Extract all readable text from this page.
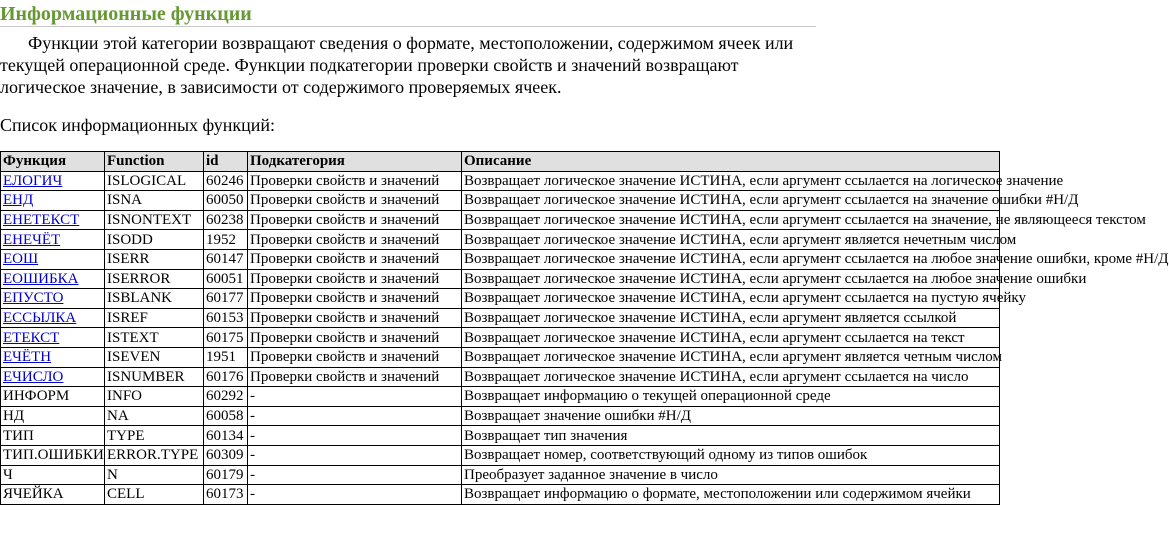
Информационные функции

Функции этой категории возвращают сведения о формате, местоположении, содержимом ячеек или текущей операционной среде. Функции подкатегории проверки свойств и значений возвращают логическое значение, в зависимости от содержимого проверяемых ячеек.

Список информационных функций:

Функция	Function	id	Подкатегория	Описание
ЕЛОГИЧ	ISLOGICAL	60246	Проверки свойств и значений	Возвращает логическое значение ИСТИНА, если аргумент ссылается на логическое значение
ЕНД	ISNA	60050	Проверки свойств и значений	Возвращает логическое значение ИСТИНА, если аргумент ссылается на значение ошибки #Н/Д
ЕНЕТЕКСТ	ISNONTEXT	60238	Проверки свойств и значений	Возвращает логическое значение ИСТИНА, если аргумент ссылается на значение, не являющееся текстом
ЕНЕЧЁТ	ISODD	1952	Проверки свойств и значений	Возвращает логическое значение ИСТИНА, если аргумент является нечетным числом
ЕОШ	ISERR	60147	Проверки свойств и значений	Возвращает логическое значение ИСТИНА, если аргумент ссылается на любое значение ошибки, кроме #Н/Д
ЕОШИБКА	ISERROR	60051	Проверки свойств и значений	Возвращает логическое значение ИСТИНА, если аргумент ссылается на любое значение ошибки
ЕПУСТО	ISBLANK	60177	Проверки свойств и значений	Возвращает логическое значение ИСТИНА, если аргумент ссылается на пустую ячейку
ЕССЫЛКА	ISREF	60153	Проверки свойств и значений	Возвращает логическое значение ИСТИНА, если аргумент является ссылкой
ЕТЕКСТ	ISTEXT	60175	Проверки свойств и значений	Возвращает логическое значение ИСТИНА, если аргумент ссылается на текст
ЕЧЁТН	ISEVEN	1951	Проверки свойств и значений	Возвращает логическое значение ИСТИНА, если аргумент является четным числом
ЕЧИСЛО	ISNUMBER	60176	Проверки свойств и значений	Возвращает логическое значение ИСТИНА, если аргумент ссылается на число
ИНФОРМ	INFO	60292	-	Возвращает информацию о текущей операционной среде
НД	NA	60058	-	Возвращает значение ошибки #Н/Д
ТИП	TYPE	60134	-	Возвращает тип значения
ТИП.ОШИБКИ	ERROR.TYPE	60309	-	Возвращает номер, соответствующий одному из типов ошибок
Ч	N	60179	-	Преобразует заданное значение в число
ЯЧЕЙКА	CELL	60173	-	Возвращает информацию о формате, местоположении или содержимом ячейки
